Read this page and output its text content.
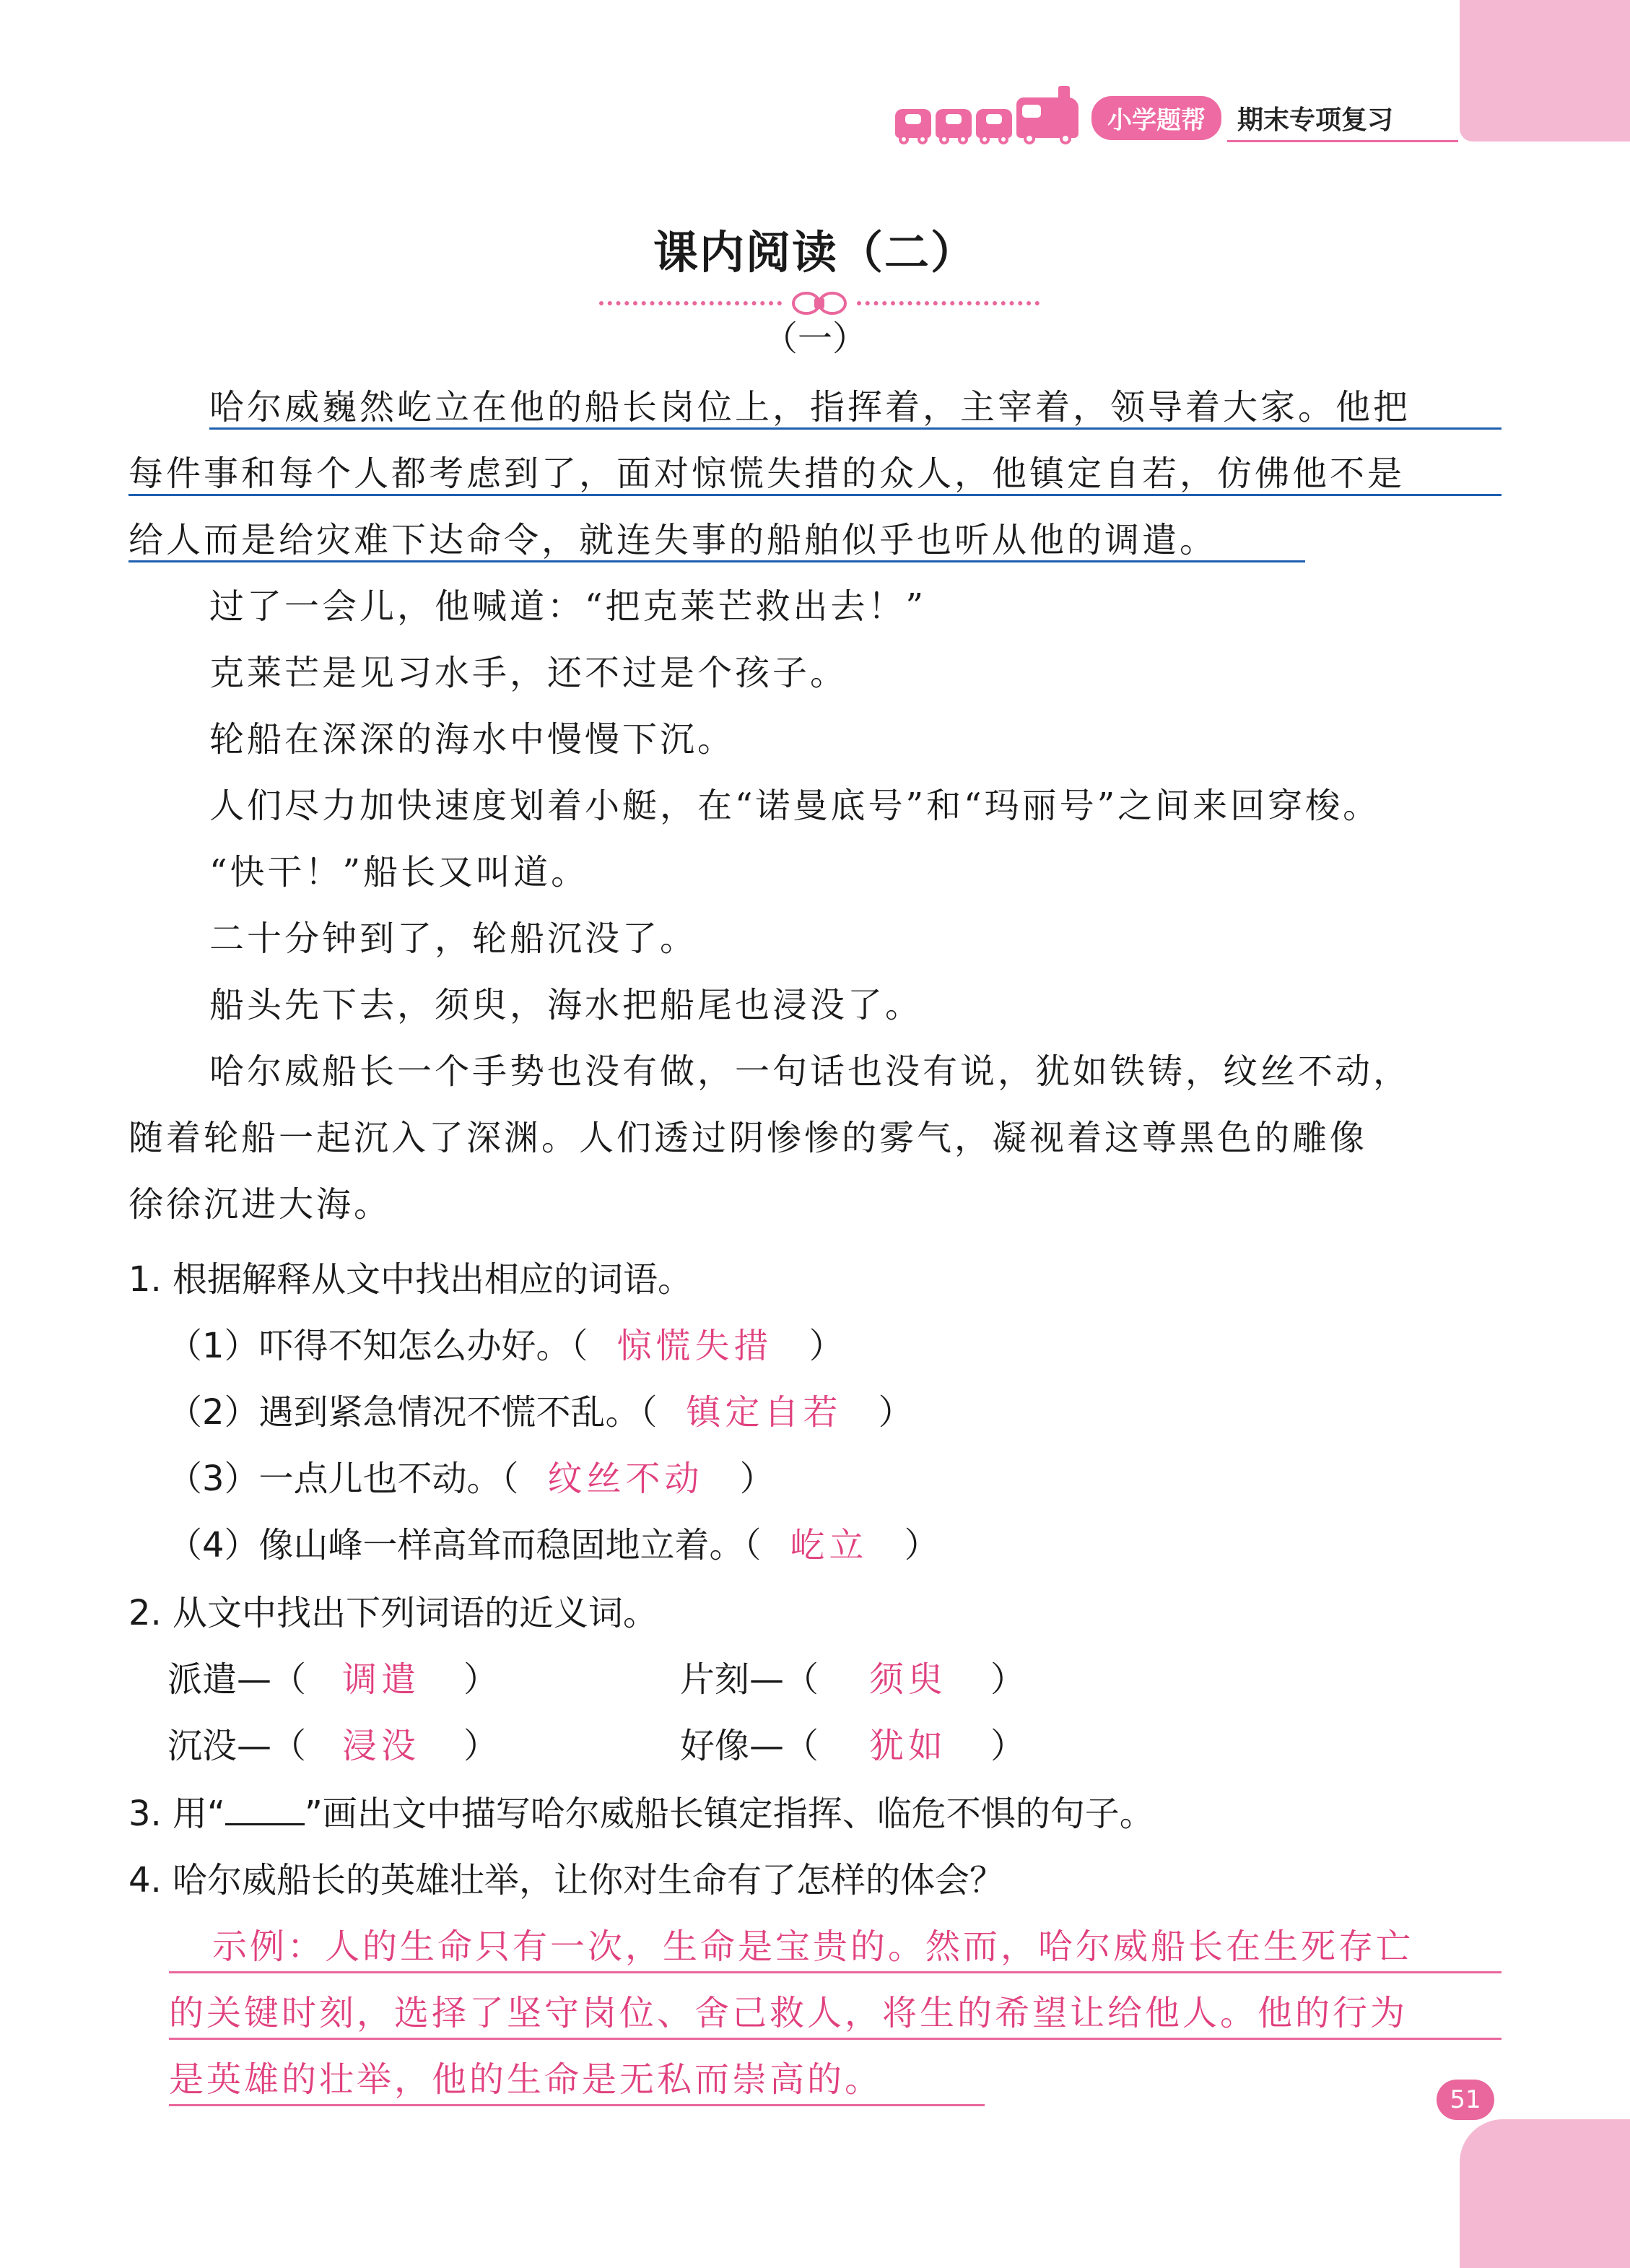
小学题帮	期末专项复习
课内阅读（二）
（一）
哈尔威巍然屹立在他的船长岗位上，指挥着，主宰着，领导着大家。他把
每件事和每个人都考虑到了，面对惊慌失措的众人，他镇定自若，仿佛他不是
给人而是给灾难下达命令，就连失事的船舶似乎也听从他的调遣。
过了一会儿，他喊道：“把克莱芒救出去！”
克莱芒是见习水手，还不过是个孩子。
轮船在深深的海水中慢慢下沉。
人们尽力加快速度划着小艇，在“诺曼底号”和“玛丽号”之间来回穿梭。
“快干！”船长又叫道。
二十分钟到了，轮船沉没了。
船头先下去，须臾，海水把船尾也浸没了。
哈尔威船长一个手势也没有做，一句话也没有说，犹如铁铸，纹丝不动，
随着轮船一起沉入了深渊。人们透过阴惨惨的雾气，凝视着这尊黑色的雕像
徐徐沉进大海。
1. 根据解释从文中找出相应的词语。
（1）吓得不知怎么办好。（ 惊慌失措 ）
（2）遇到紧急情况不慌不乱。（ 镇定自若 ）
（3）一点儿也不动。（ 纹丝不动 ）
（4）像山峰一样高耸而稳固地立着。（ 屹立 ）
2. 从文中找出下列词语的近义词。
派遣—（ 调遣 ）	片刻—（ 须臾 ）
沉没—（ 浸没 ）	好像—（ 犹如 ）
3. 用“ ”画出文中描写哈尔威船长镇定指挥、临危不惧的句子。
4. 哈尔威船长的英雄壮举，让你对生命有了怎样的体会？
示例：人的生命只有一次，生命是宝贵的。然而，哈尔威船长在生死存亡
的关键时刻，选择了坚守岗位、舍己救人，将生的希望让给他人。他的行为
是英雄的壮举，他的生命是无私而崇高的。	51
